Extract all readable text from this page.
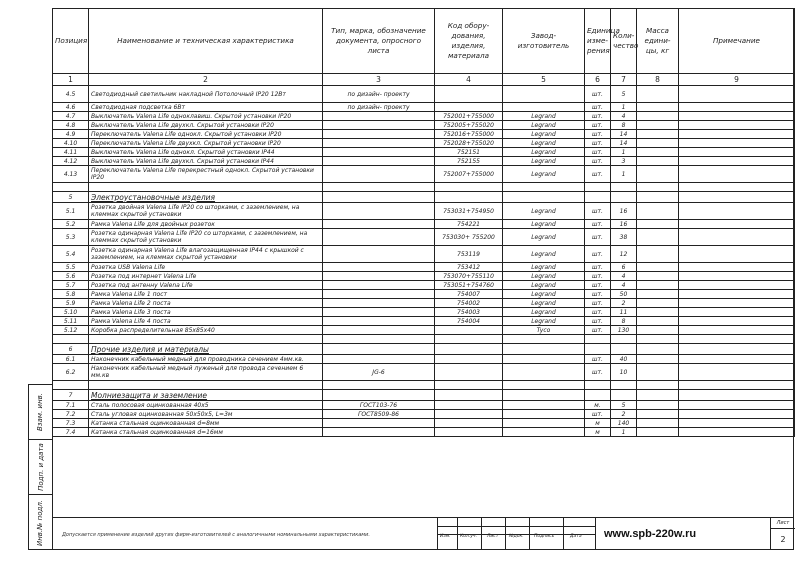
Взам. инв.
Подп. и дата
Инв.№ подл.
Позиция	Наименование и техническая характеристика	Тип, марка, обозначение документа, опросного листа	Код обору- дования, изделия, материала	Завод- изготовитель	Единица изме- рения	Коли- чество	Масса едини- цы, кг	Примечание
1	2	3	4	5	6	7	8	9
4.5	Светодиодный светильник накладной Потолочный IP20 12Вт	по дизайн- проекту			шт.	5		
4.6	Светодиодная подсветка 6Вт	по дизайн- проекту			шт.	1		
4.7	Выключатель Valena Life одноклавиш. Скрытой установки IP20		752001+755000	Legrand	шт.	4		
4.8	Выключатель Valena Life двухкл. Скрытой установки IP20		752005+755020	Legrand	шт.	8		
4.9	Переключатель Valena Life однокл. Скрытой установки IP20		752016+755000	Legrand	шт.	14		
4.10	Переключатель Valena Life двухкл. Скрытой установки IP20		752028+755020	Legrand	шт.	14		
4.11	Выключатель Valena Life однокл. Скрытой установки IP44		752151	Legrand	шт.	1		
4.12	Выключатель Valena Life двухкл. Скрытой установки IP44		752155	Legrand	шт.	3		
4.13	Переключатель Valena Life перекрестный однокл. Скрытой установки IP20		752007+755000	Legrand	шт.	1		

5	Электроустановочные изделия							
5.1	Розетка двойная Valena Life IP20 со шторками, с заземлением, на клеммах скрытой установки		753031+754950	Legrand	шт.	16		
5.2	Рамка Valena Life для двойных розеток		754221	Legrand	шт.	16		
5.3	Розетка одинарная Valena Life IP20 со шторками, с заземлением, на клеммах скрытой установки		753030+ 755200	Legrand	шт.	38		
5.4	Розетка одинарная Valena Life влагозащищенная IP44 с крышкой с заземлением, на клеммах скрытой установки		753119	Legrand	шт.	12		
5.5	Розетка USB Valena Life		753412	Legrand	шт.	6		
5.6	Розетка под интернет Valena Life		753070+755110	Legrand	шт.	4		
5.7	Розетка под антенну Valena Life		753051+754760	Legrand	шт.	4		
5.8	Рамка Valena Life 1 пост		754007	Legrand	шт.	50		
5.9	Рамка Valena Life 2 поста		754002	Legrand	шт.	2		
5.10	Рамка Valena Life 3 поста		754003	Legrand	шт.	11		
5.11	Рамка Valena Life 4 поста		754004	Legrand	шт.	8		
5.12	Коробка распределительная 85х85х40			Tyco	шт.	130		

6	Прочие изделия и материалы							
6.1	Наконечник кабельный медный для проводника сечением 4мм.кв.				шт.	40		
6.2	Наконечник кабельный медный луженый для провода сечением 6 мм.кв	JG-6			шт.	10		

7	Молниезащита и заземление							
7.1	Сталь полосовая оцинкованная 40х5	ГОСТ103-76			м.	5		
7.2	Сталь угловая оцинкованная 50х50х5, L=3м	ГОСТ8509-86			шт.	2		
7.3	Катанка стальная оцинкованная d=8мм				м	140		
7.4	Катанка стальная оцинкованная d=16мм				м	1		
Допускается применение изделий других фирм-изготовителей с аналогичными номинальными характеристиками.	Изм. Кол.уч. Лист №док. Подпись	Дата www.spb-220w.ru
Лист
2
